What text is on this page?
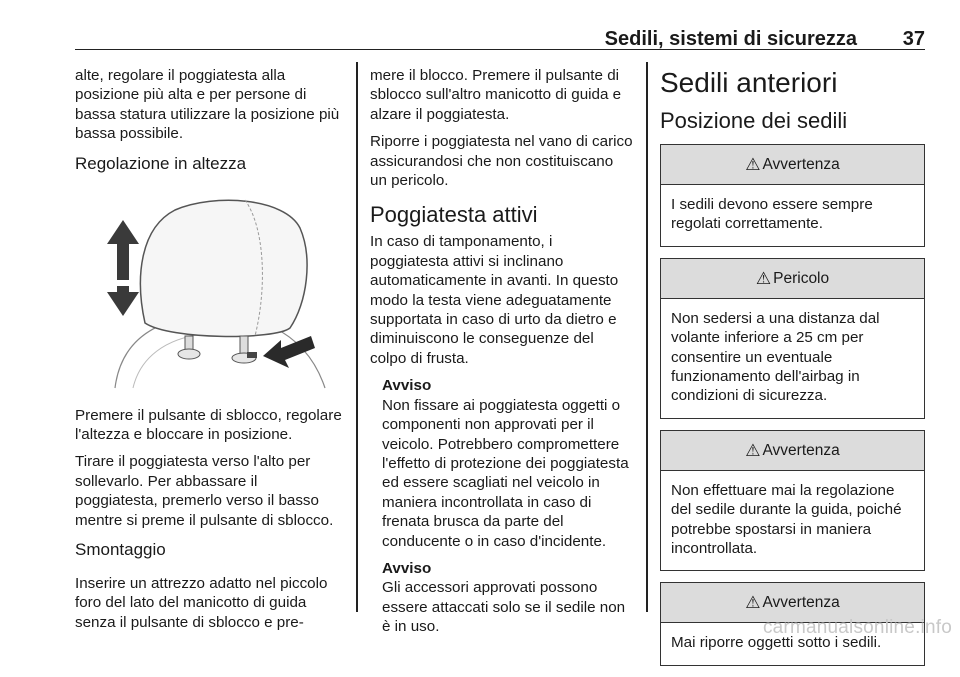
Sedili, sistemi di sicurezza 37

alte, regolare il poggiatesta alla posizione più alta e per persone di bassa statura utilizzare la posizione più bassa possibile.

Regolazione in altezza

Premere il pulsante di sblocco, regolare l'altezza e bloccare in posizione.

Tirare il poggiatesta verso l'alto per sollevarlo. Per abbassare il poggiatesta, premerlo verso il basso mentre si preme il pulsante di sblocco.

Smontaggio

Inserire un attrezzo adatto nel piccolo foro del lato del manicotto di guida senza il pulsante di sblocco e pre-

mere il blocco. Premere il pulsante di sblocco sull'altro manicotto di guida e alzare il poggiatesta.

Riporre i poggiatesta nel vano di carico assicurandosi che non costituiscano un pericolo.

Poggiatesta attivi

In caso di tamponamento, i poggiatesta attivi si inclinano automaticamente in avanti. In questo modo la testa viene adeguatamente supportata in caso di urto da dietro e diminuiscono le conseguenze del colpo di frusta.

Avviso

Non fissare ai poggiatesta oggetti o componenti non approvati per il veicolo. Potrebbero compromettere l'effetto di protezione dei poggiatesta ed essere scagliati nel veicolo in maniera incontrollata in caso di frenata brusca da parte del conducente o in caso d'incidente.

Avviso

Gli accessori approvati possono essere attaccati solo se il sedile non è in uso.

Sedili anteriori
Posizione dei sedili
⚠ Avvertenza
I sedili devono essere sempre regolati correttamente.
⚠ Pericolo
Non sedersi a una distanza dal volante inferiore a 25 cm per consentire un eventuale funzionamento dell'airbag in condizioni di sicurezza.
⚠ Avvertenza
Non effettuare mai la regolazione del sedile durante la guida, poiché potrebbe spostarsi in maniera incontrollata.
⚠ Avvertenza
Mai riporre oggetti sotto i sedili.
carmanualsonline.info
